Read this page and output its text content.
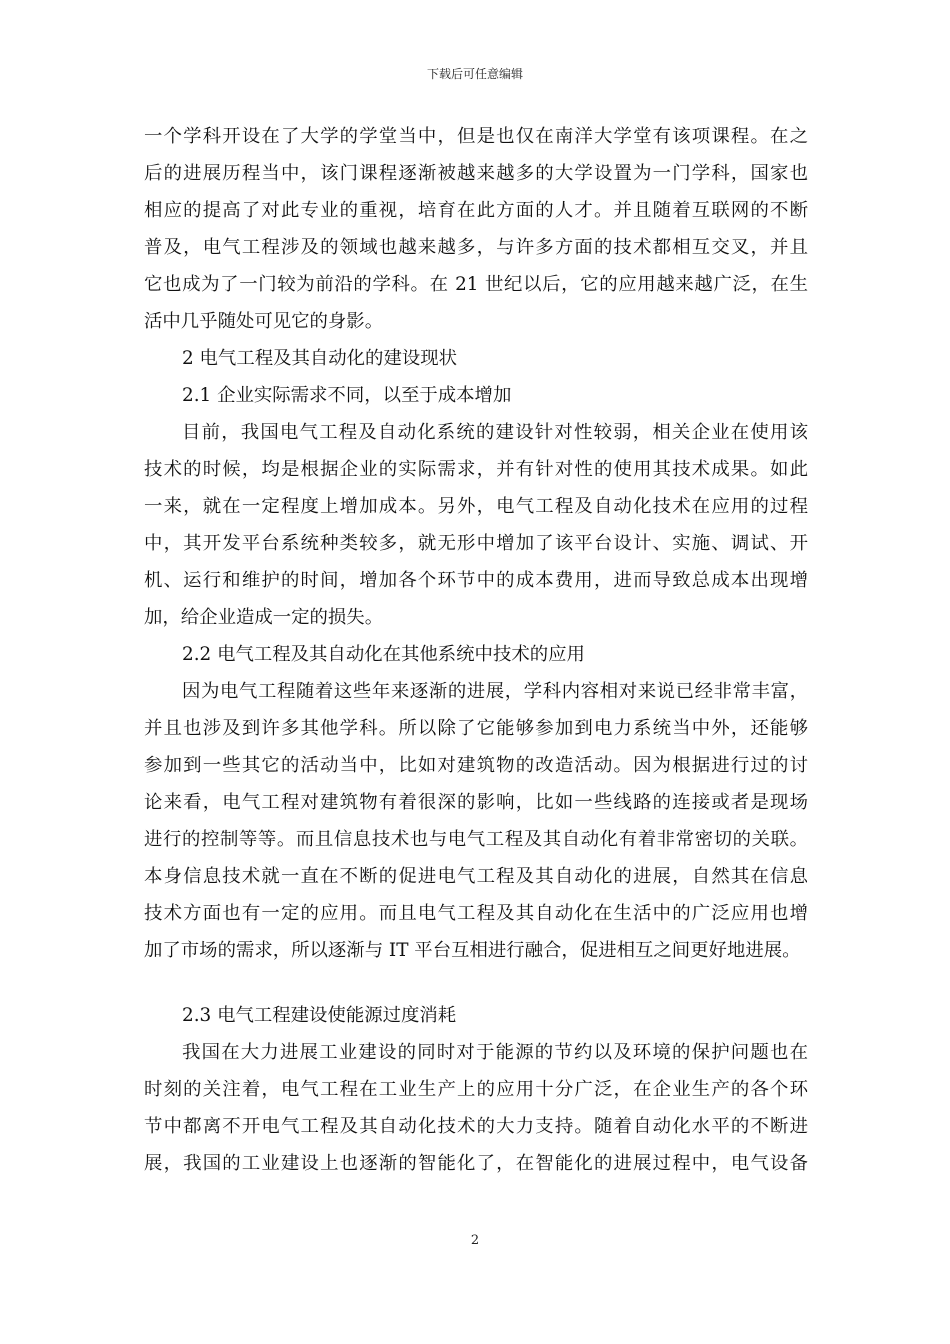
下载后可任意编辑
一个学科开设在了大学的学堂当中，但是也仅在南洋大学堂有该项课程。在之
后的进展历程当中，该门课程逐渐被越来越多的大学设置为一门学科，国家也
相应的提高了对此专业的重视，培育在此方面的人才。并且随着互联网的不断
普及，电气工程涉及的领域也越来越多，与许多方面的技术都相互交叉，并且
它也成为了一门较为前沿的学科。在 21 世纪以后，它的应用越来越广泛，在生
活中几乎随处可见它的身影。
2 电气工程及其自动化的建设现状
2.1 企业实际需求不同，以至于成本增加
目前，我国电气工程及自动化系统的建设针对性较弱，相关企业在使用该
技术的时候，均是根据企业的实际需求，并有针对性的使用其技术成果。如此
一来，就在一定程度上增加成本。另外，电气工程及自动化技术在应用的过程
中，其开发平台系统种类较多，就无形中增加了该平台设计、实施、调试、开
机、运行和维护的时间，增加各个环节中的成本费用，进而导致总成本出现增
加，给企业造成一定的损失。
2.2 电气工程及其自动化在其他系统中技术的应用
因为电气工程随着这些年来逐渐的进展，学科内容相对来说已经非常丰富，
并且也涉及到许多其他学科。所以除了它能够参加到电力系统当中外，还能够
参加到一些其它的活动当中，比如对建筑物的改造活动。因为根据进行过的讨
论来看，电气工程对建筑物有着很深的影响，比如一些线路的连接或者是现场
进行的控制等等。而且信息技术也与电气工程及其自动化有着非常密切的关联。
本身信息技术就一直在不断的促进电气工程及其自动化的进展，自然其在信息
技术方面也有一定的应用。而且电气工程及其自动化在生活中的广泛应用也增
加了市场的需求，所以逐渐与 IT 平台互相进行融合，促进相互之间更好地进展。
2.3 电气工程建设使能源过度消耗
我国在大力进展工业建设的同时对于能源的节约以及环境的保护问题也在
时刻的关注着，电气工程在工业生产上的应用十分广泛，在企业生产的各个环
节中都离不开电气工程及其自动化技术的大力支持。随着自动化水平的不断进
展，我国的工业建设上也逐渐的智能化了，在智能化的进展过程中，电气设备
2
